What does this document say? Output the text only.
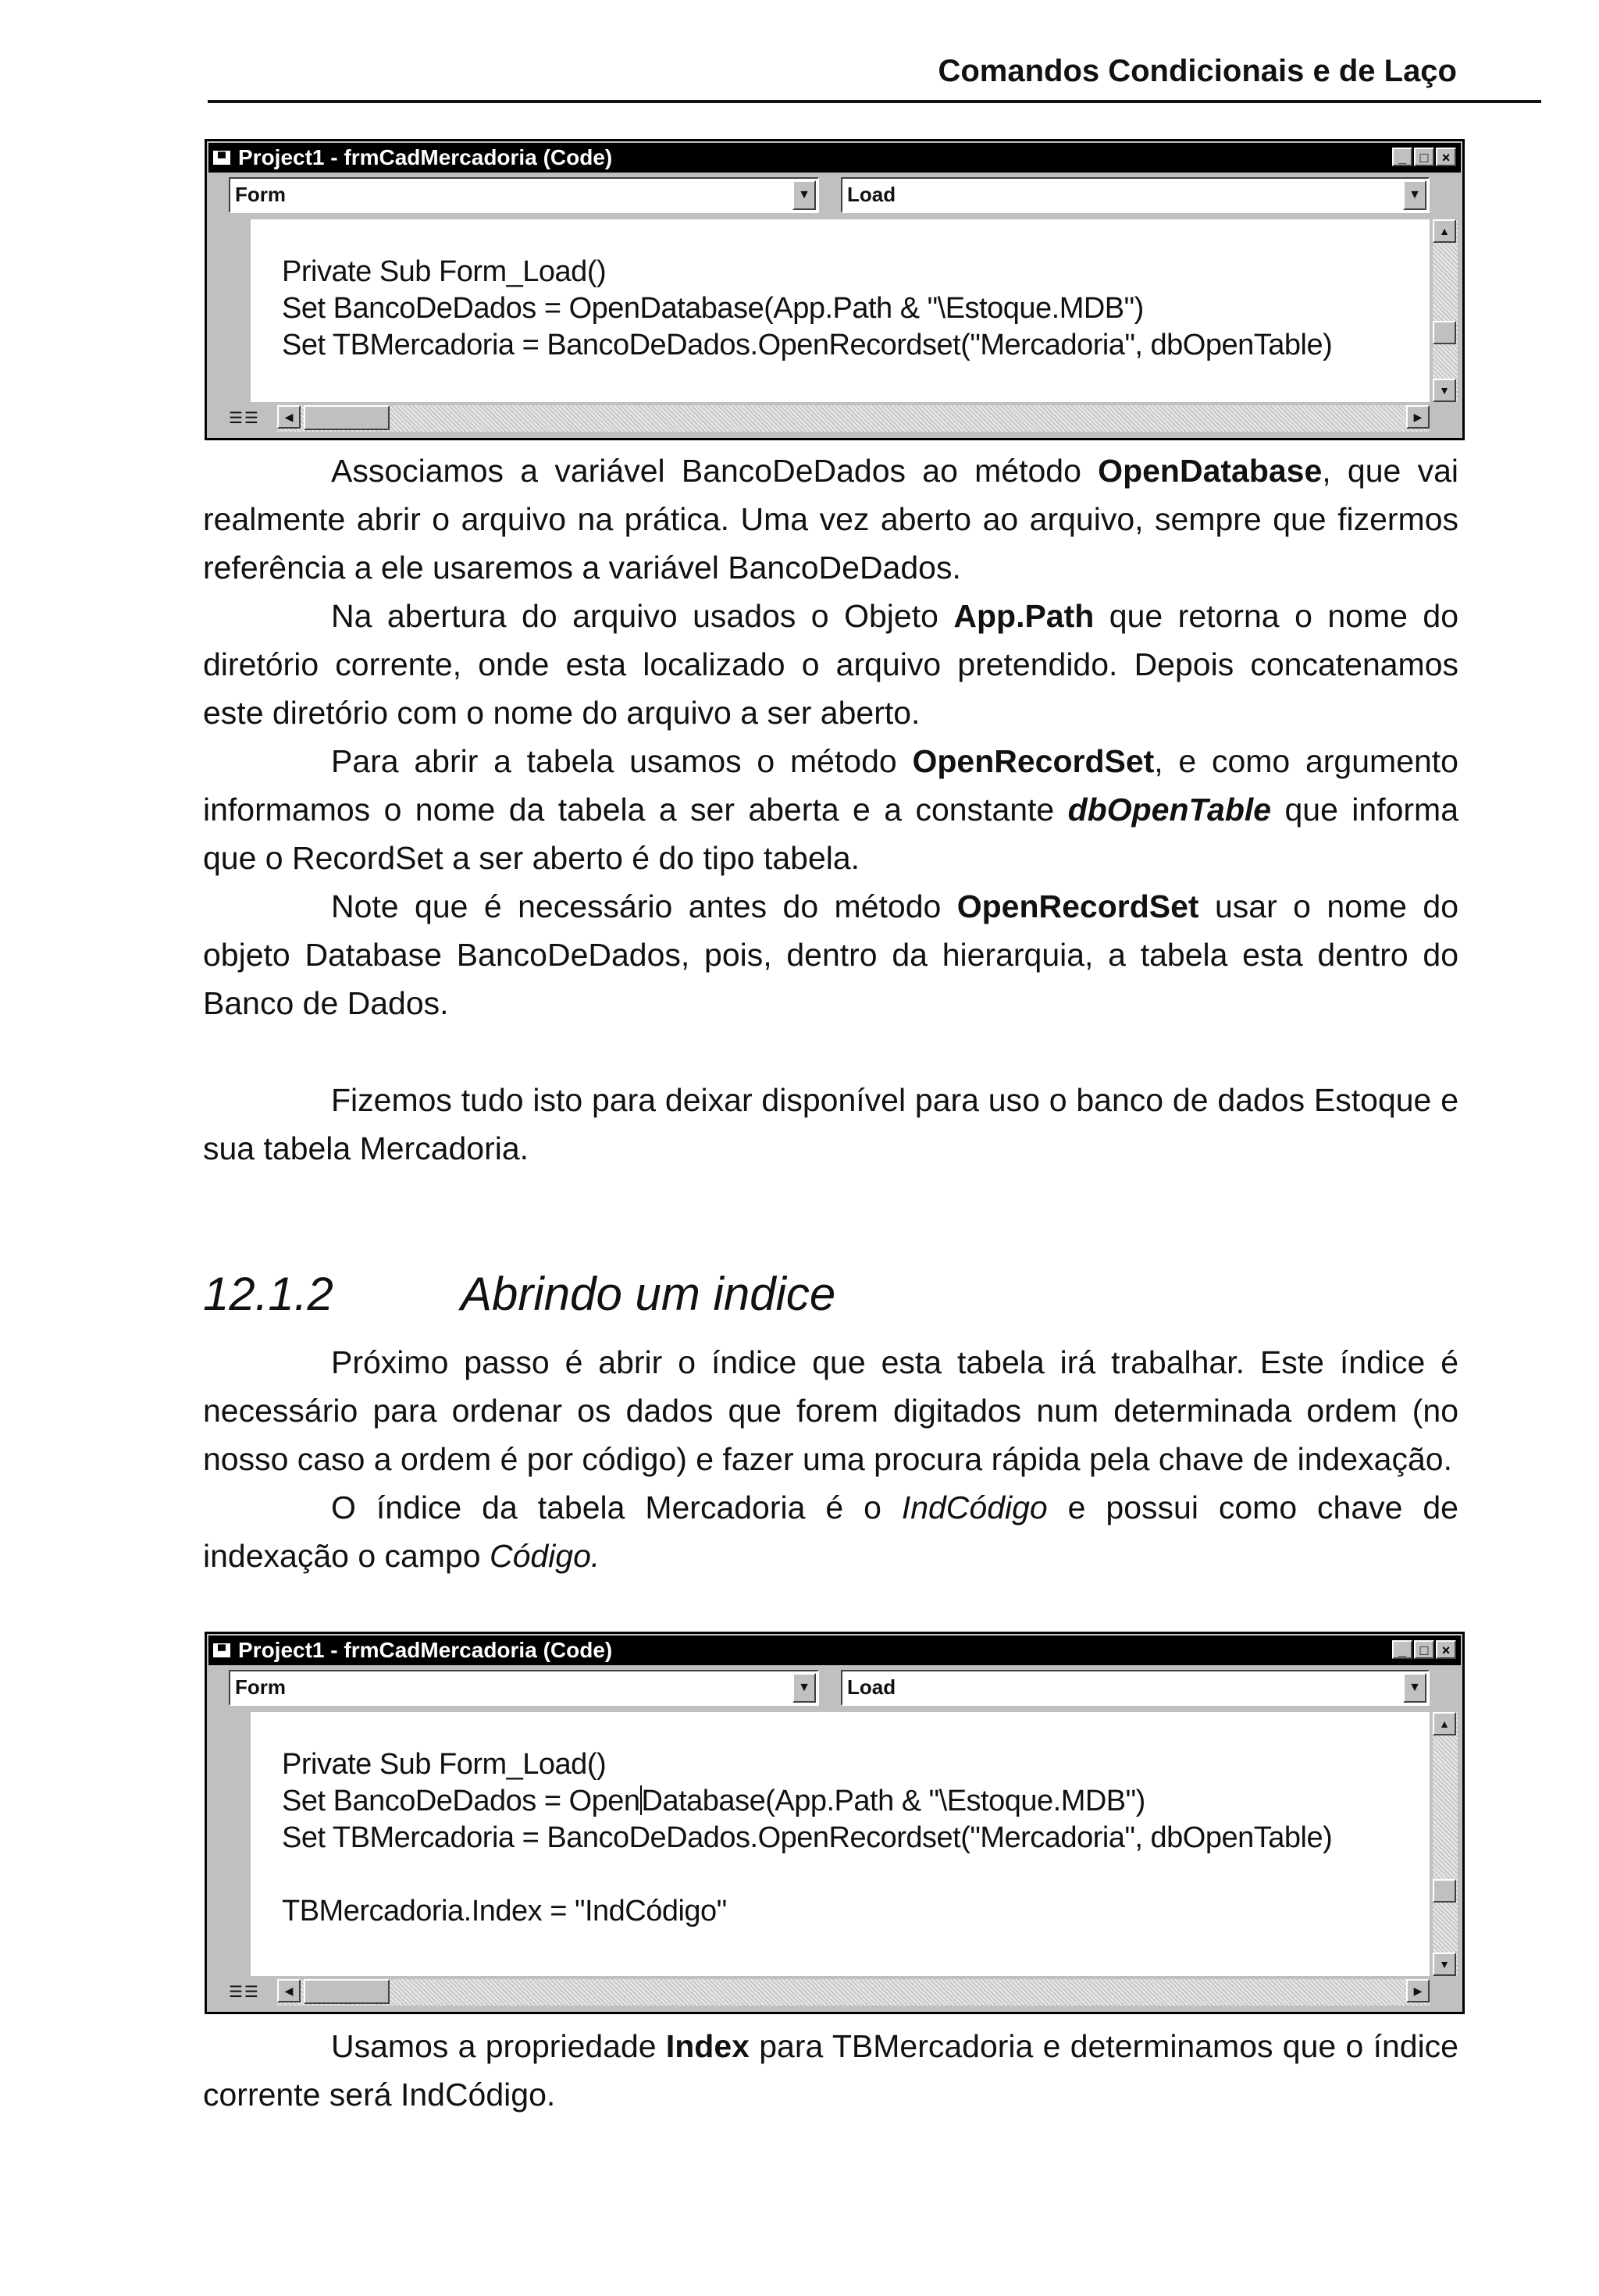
Comandos Condicionais e de Laço
▀ Project1 - frmCadMercadoria (Code)	_ □ ×
Form	▼ Load	▼
Private Sub Form_Load()
Set BancoDeDados = OpenDatabase(App.Path & "\Estoque.MDB")
Set TBMercadoria = BancoDeDados.OpenRecordset("Mercadoria", dbOpenTable)
▲
▼
☰☰	◀	▶

Associamos a variável BancoDeDados ao método OpenDatabase, que vai realmente abrir o arquivo na prática. Uma vez aberto ao arquivo, sempre que fizermos referência a ele usaremos a variável BancoDeDados.

Na abertura do arquivo usados o Objeto App.Path que retorna o nome do diretório corrente, onde esta localizado o arquivo pretendido. Depois concatenamos este diretório com o nome do arquivo a ser aberto.

Para abrir a tabela usamos o método OpenRecordSet, e como argumento informamos o nome da tabela a ser aberta e a constante dbOpenTable que informa que o RecordSet a ser aberto é do tipo tabela.

Note que é necessário antes do método OpenRecordSet usar o nome do objeto Database BancoDeDados, pois, dentro da hierarquia, a tabela esta dentro do Banco de Dados.

Fizemos tudo isto para deixar disponível para uso o banco de dados Estoque e sua tabela Mercadoria.

12.1.2	Abrindo um indice

Próximo passo é abrir o índice que esta tabela irá trabalhar. Este índice é necessário para ordenar os dados que forem digitados num determinada ordem (no nosso caso a ordem é por código) e fazer uma procura rápida pela chave de indexação.

O índice da tabela Mercadoria é o IndCódigo e possui como chave de indexação o campo Código.

▀ Project1 - frmCadMercadoria (Code)	_ □ ×
Form	▼ Load	▼
Private Sub Form_Load()
Set BancoDeDados = OpenDatabase(App.Path & "\Estoque.MDB")
Set TBMercadoria = BancoDeDados.OpenRecordset("Mercadoria", dbOpenTable)

TBMercadoria.Index = "IndCódigo"
▲
▼
☰☰	◀	▶

Usamos a propriedade Index para TBMercadoria e determinamos que o índice corrente será IndCódigo.
